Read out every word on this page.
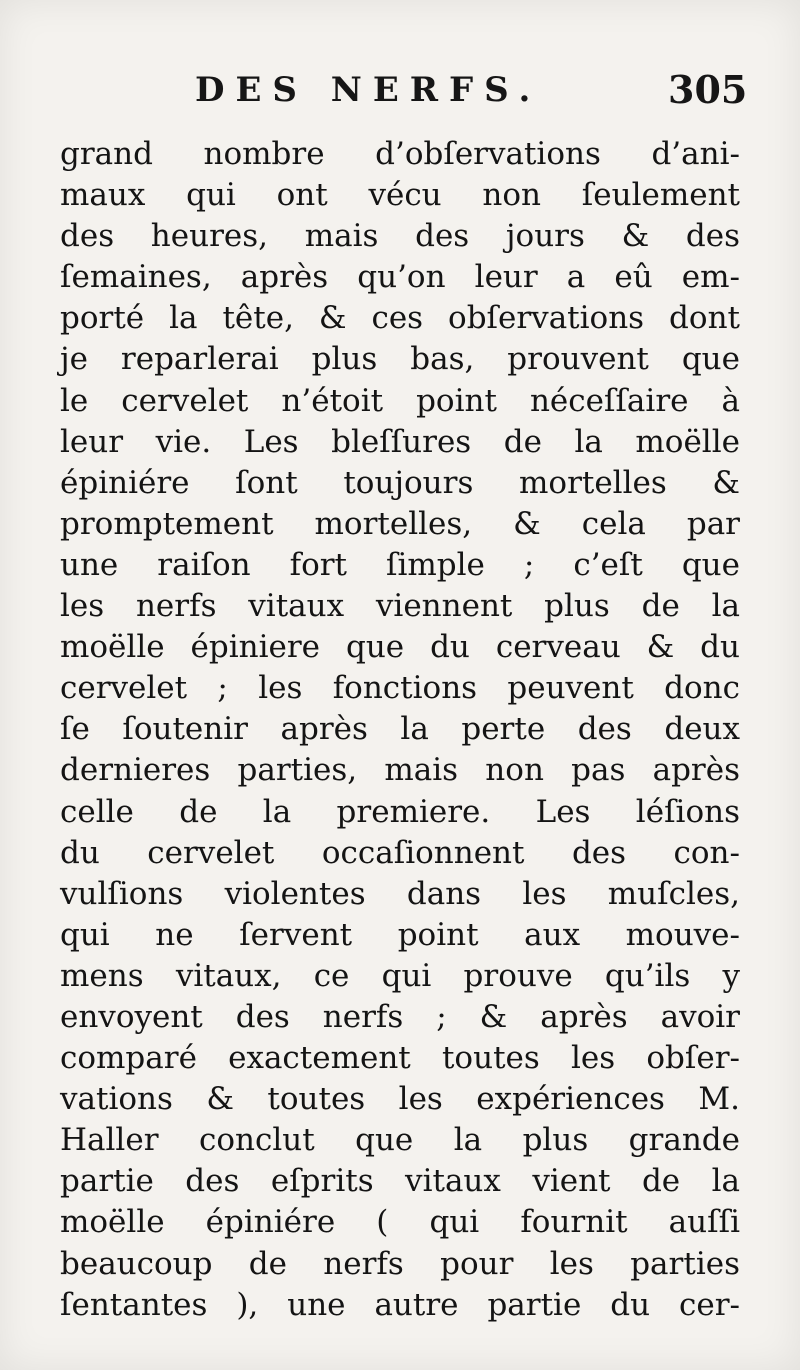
DES NERFS.	305
grand nombre d’obſervations d’ani-
maux qui ont vécu non ſeulement
des heures, mais des jours & des
ſemaines, après qu’on leur a eû em-
porté la tête, & ces obſervations dont
je reparlerai plus bas, prouvent que
le cervelet n’étoit point néceſſaire à
leur vie. Les bleſſures de la moëlle
épiniére ſont toujours mortelles &
promptement mortelles, & cela par
une raiſon fort ſimple ; c’eſt que
les nerfs vitaux viennent plus de la
moëlle épiniere que du cerveau & du
cervelet ; les fonctions peuvent donc
ſe ſoutenir après la perte des deux
dernieres parties, mais non pas après
celle de la premiere. Les léſions
du cervelet occaſionnent des con-
vulſions violentes dans les muſcles,
qui ne ſervent point aux mouve-
mens vitaux, ce qui prouve qu’ils y
envoyent des nerfs ; & après avoir
comparé exactement toutes les obſer-
vations & toutes les expériences M.
Haller conclut que la plus grande
partie des eſprits vitaux vient de la
moëlle épiniére ( qui fournit auſſi
beaucoup de nerfs pour les parties
ſentantes ), une autre partie du cer-
